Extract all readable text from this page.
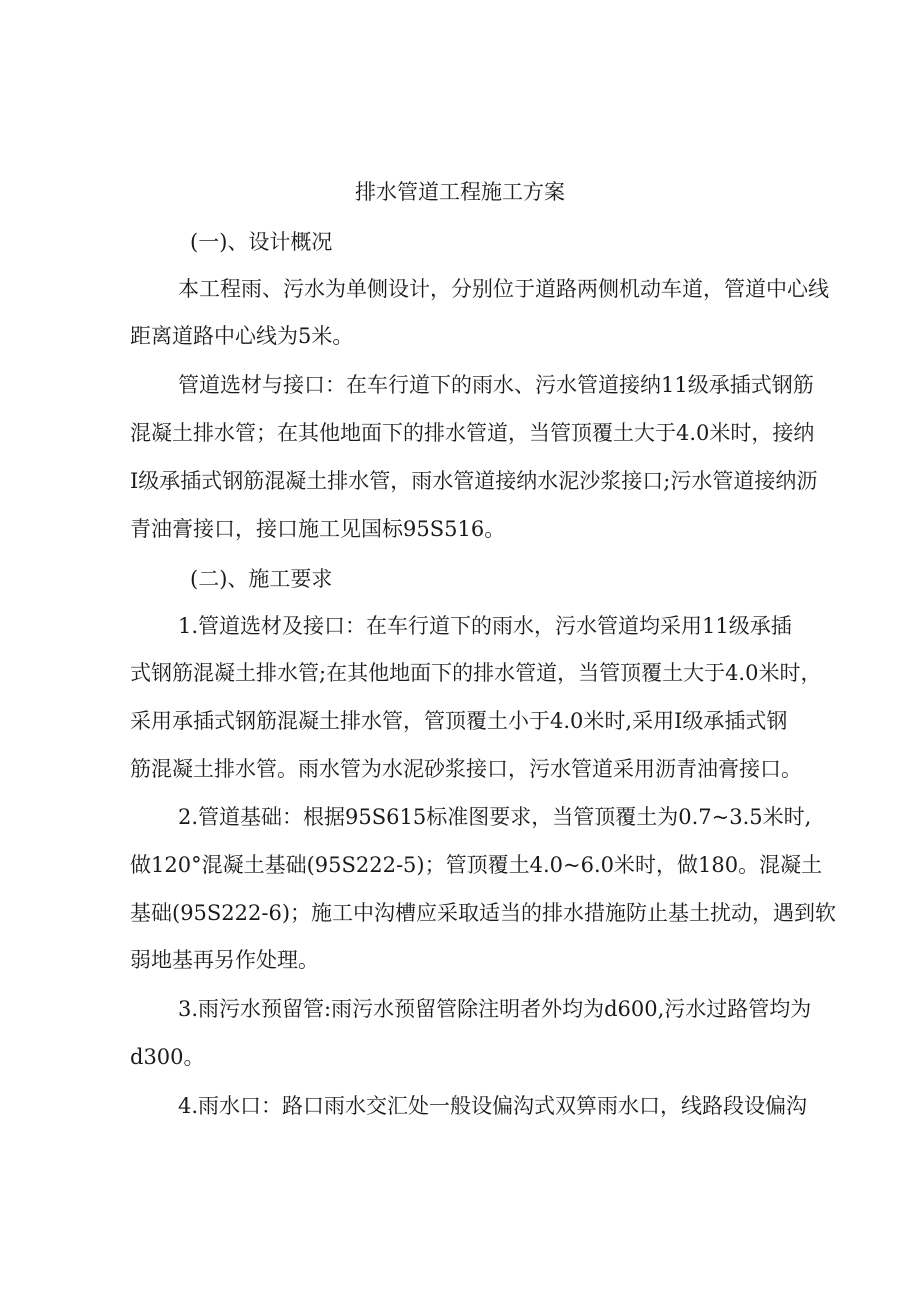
排水管道工程施工方案

(一)、设计概况

本工程雨、污水为单侧设计，分别位于道路两侧机动车道，管道中心线

距离道路中心线为5米。

管道选材与接口：在车行道下的雨水、污水管道接纳11级承插式钢筋

混凝土排水管；在其他地面下的排水管道，当管顶覆土大于4.0米时，接纳

I级承插式钢筋混凝土排水管，雨水管道接纳水泥沙浆接口;污水管道接纳沥

青油膏接口，接口施工见国标95S516。

(二)、施工要求

1.管道选材及接口：在车行道下的雨水，污水管道均采用11级承插

式钢筋混凝土排水管;在其他地面下的排水管道，当管顶覆土大于4.0米时，

采用承插式钢筋混凝土排水管，管顶覆土小于4.0米时,采用I级承插式钢

筋混凝土排水管。雨水管为水泥砂浆接口，污水管道采用沥青油膏接口。

2.管道基础：根据95S615标准图要求，当管顶覆土为0.7~3.5米时,

做120°混凝土基础(95S222-5)；管顶覆土4.0~6.0米时，做180。混凝土

基础(95S222-6)；施工中沟槽应采取适当的排水措施防止基土扰动，遇到软

弱地基再另作处理。

3.雨污水预留管:雨污水预留管除注明者外均为d600,污水过路管均为

d300。

4.雨水口：路口雨水交汇处一般设偏沟式双箅雨水口，线路段设偏沟
